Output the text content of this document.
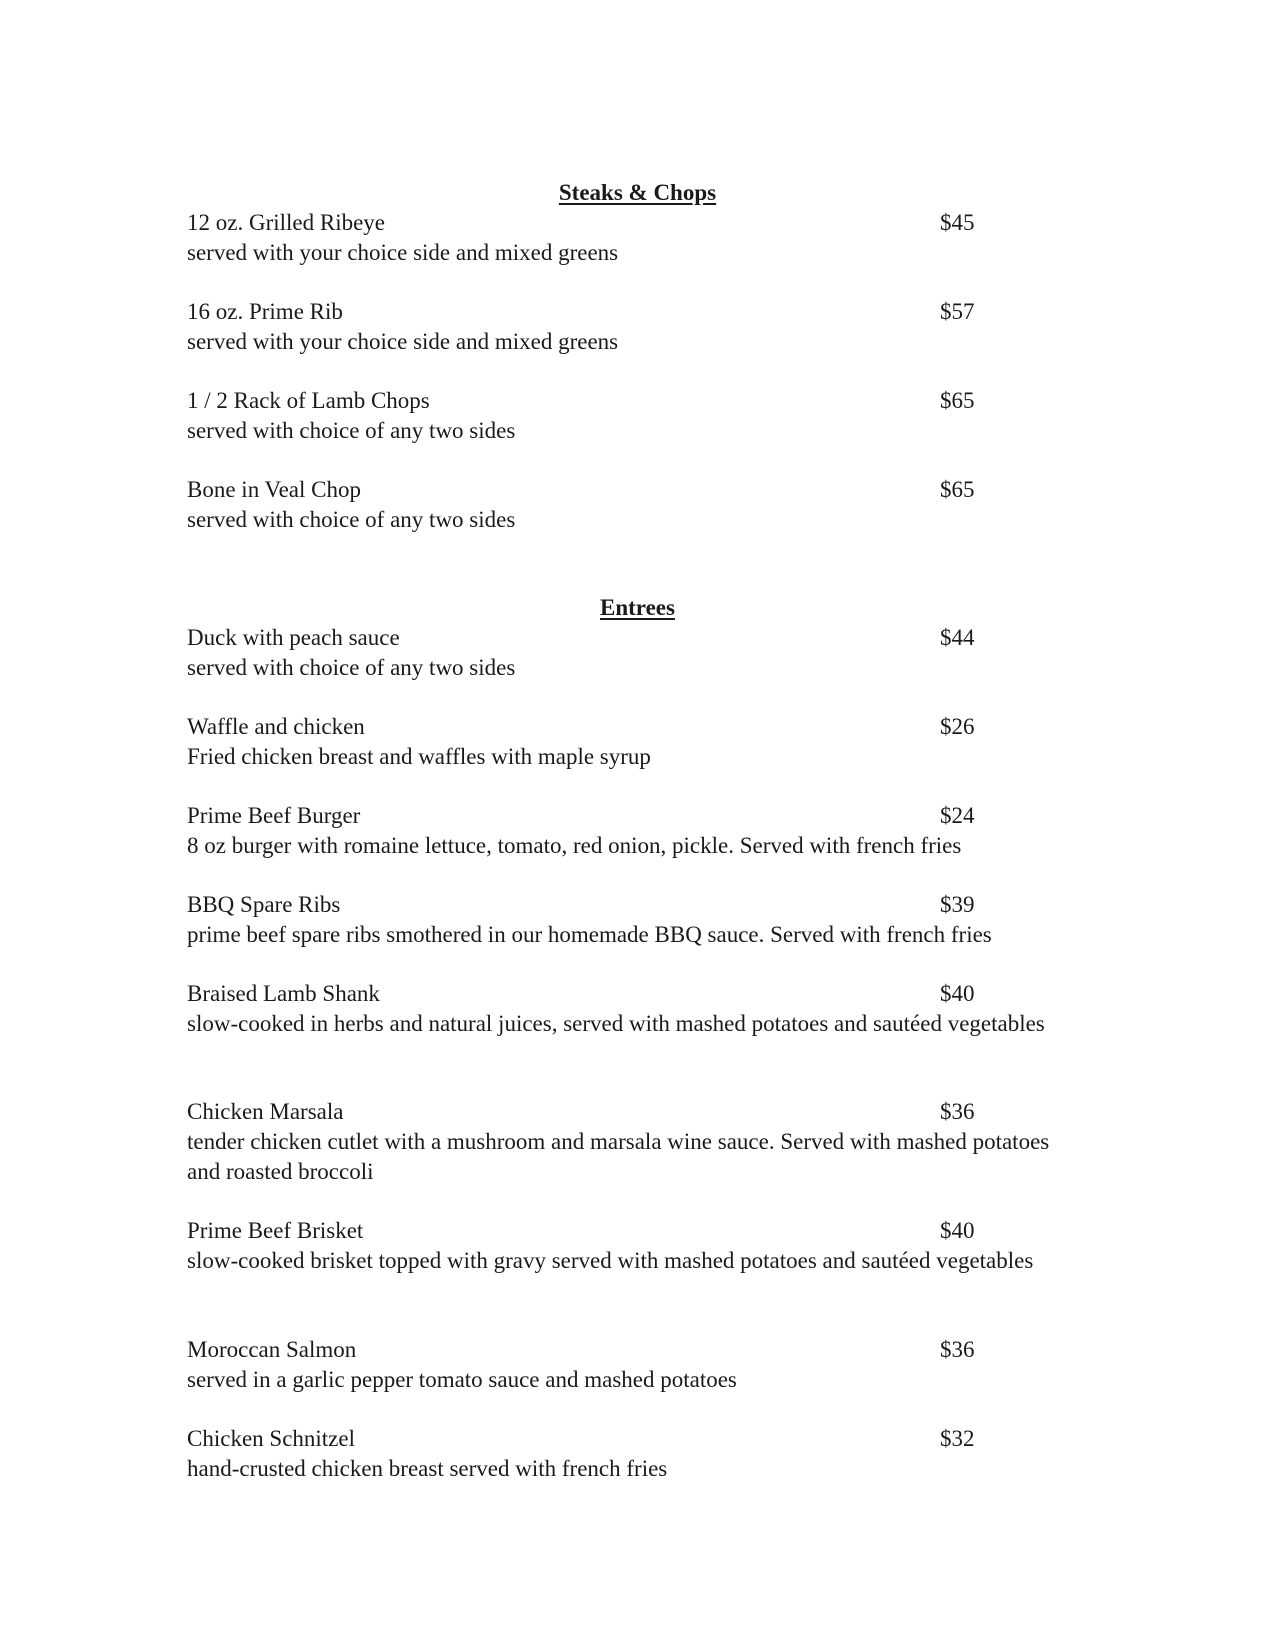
Steaks & Chops

12 oz. Grilled Ribeye	$45

served with your choice side and mixed greens

16 oz. Prime Rib	$57

served with your choice side and mixed greens

1 / 2 Rack of Lamb Chops	$65

served with choice of any two sides

Bone in Veal Chop	$65

served with choice of any two sides

Entrees

Duck with peach sauce	$44

served with choice of any two sides

Waffle and chicken	$26

Fried chicken breast and waffles with maple syrup

Prime Beef Burger	$24

8 oz burger with romaine lettuce, tomato, red onion, pickle. Served with french fries

BBQ Spare Ribs	$39

prime beef spare ribs smothered in our homemade BBQ sauce. Served with french fries

Braised Lamb Shank	$40

slow-cooked in herbs and natural juices, served with mashed potatoes and sautéed vegetables

Chicken Marsala	$36

tender chicken cutlet with a mushroom and marsala wine sauce. Served with mashed potatoes and roasted broccoli

Prime Beef Brisket	$40

slow-cooked brisket topped with gravy served with mashed potatoes and sautéed vegetables

Moroccan Salmon	$36

served in a garlic pepper tomato sauce and mashed potatoes

Chicken Schnitzel	$32

hand-crusted chicken breast served with french fries
